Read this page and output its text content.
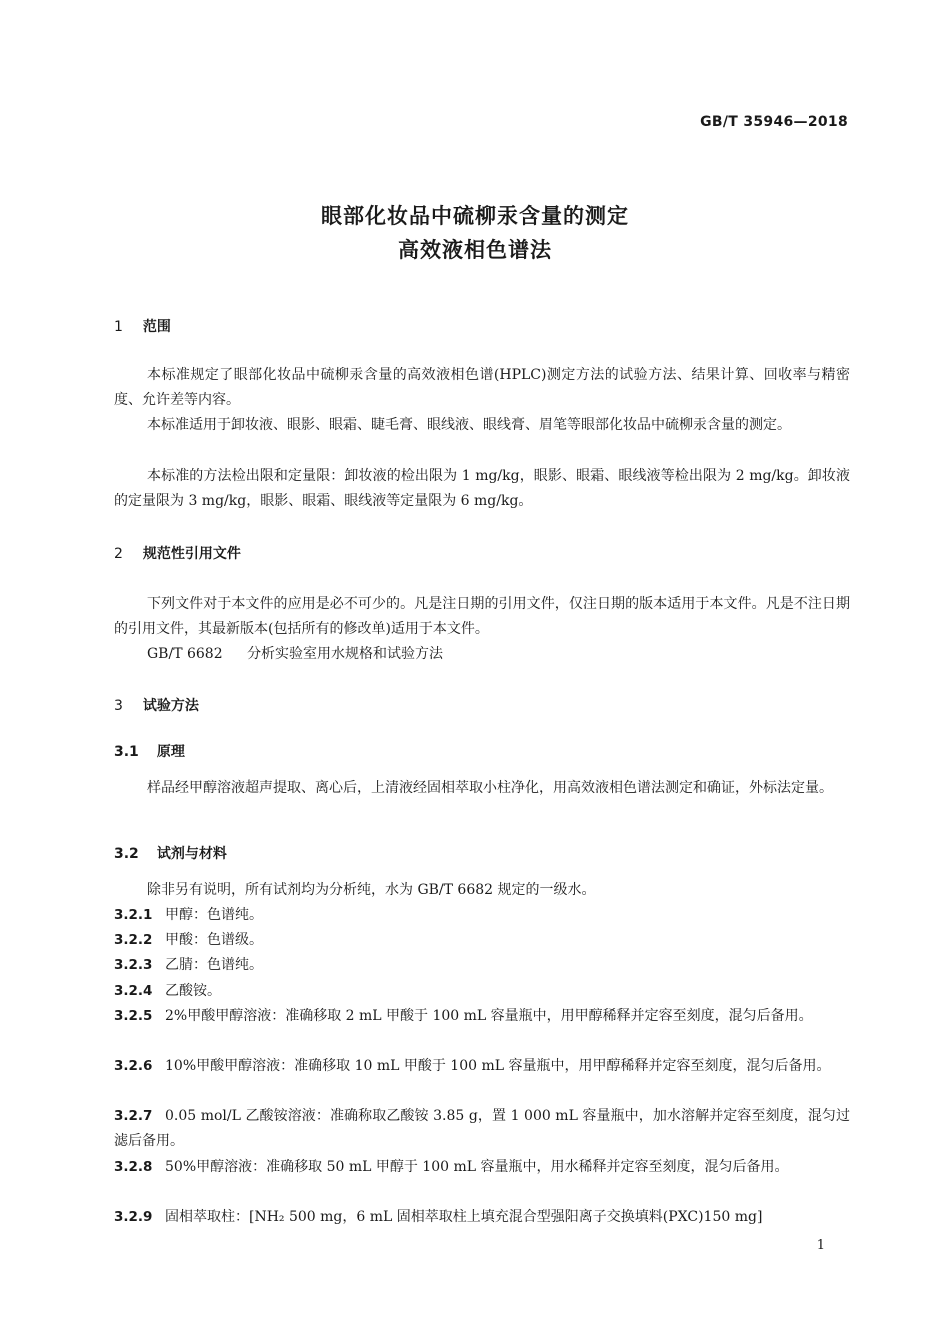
GB/T 35946—2018
眼部化妆品中硫柳汞含量的测定
高效液相色谱法
1 范围
本标准规定了眼部化妆品中硫柳汞含量的高效液相色谱(HPLC)测定方法的试验方法、结果计算、回收率与精密度、允许差等内容。
本标准适用于卸妆液、眼影、眼霜、睫毛膏、眼线液、眼线膏、眉笔等眼部化妆品中硫柳汞含量的测定。
本标准的方法检出限和定量限：卸妆液的检出限为 1 mg/kg，眼影、眼霜、眼线液等检出限为 2 mg/kg。卸妆液的定量限为 3 mg/kg，眼影、眼霜、眼线液等定量限为 6 mg/kg。
2 规范性引用文件
下列文件对于本文件的应用是必不可少的。凡是注日期的引用文件，仅注日期的版本适用于本文件。凡是不注日期的引用文件，其最新版本(包括所有的修改单)适用于本文件。
GB/T 6682 分析实验室用水规格和试验方法
3 试验方法
3.1 原理
样品经甲醇溶液超声提取、离心后，上清液经固相萃取小柱净化，用高效液相色谱法测定和确证，外标法定量。
3.2 试剂与材料
除非另有说明，所有试剂均为分析纯，水为 GB/T 6682 规定的一级水。
3.2.1 甲醇：色谱纯。
3.2.2 甲酸：色谱级。
3.2.3 乙腈：色谱纯。
3.2.4 乙酸铵。
3.2.5 2%甲酸甲醇溶液：准确移取 2 mL 甲酸于 100 mL 容量瓶中，用甲醇稀释并定容至刻度，混匀后备用。
3.2.6 10%甲酸甲醇溶液：准确移取 10 mL 甲酸于 100 mL 容量瓶中，用甲醇稀释并定容至刻度，混匀后备用。
3.2.7 0.05 mol/L 乙酸铵溶液：准确称取乙酸铵 3.85 g，置 1 000 mL 容量瓶中，加水溶解并定容至刻度，混匀过滤后备用。
3.2.8 50%甲醇溶液：准确移取 50 mL 甲醇于 100 mL 容量瓶中，用水稀释并定容至刻度，混匀后备用。
3.2.9 固相萃取柱：[NH₂ 500 mg，6 mL 固相萃取柱上填充混合型强阳离子交换填料(PXC)150 mg]
1
